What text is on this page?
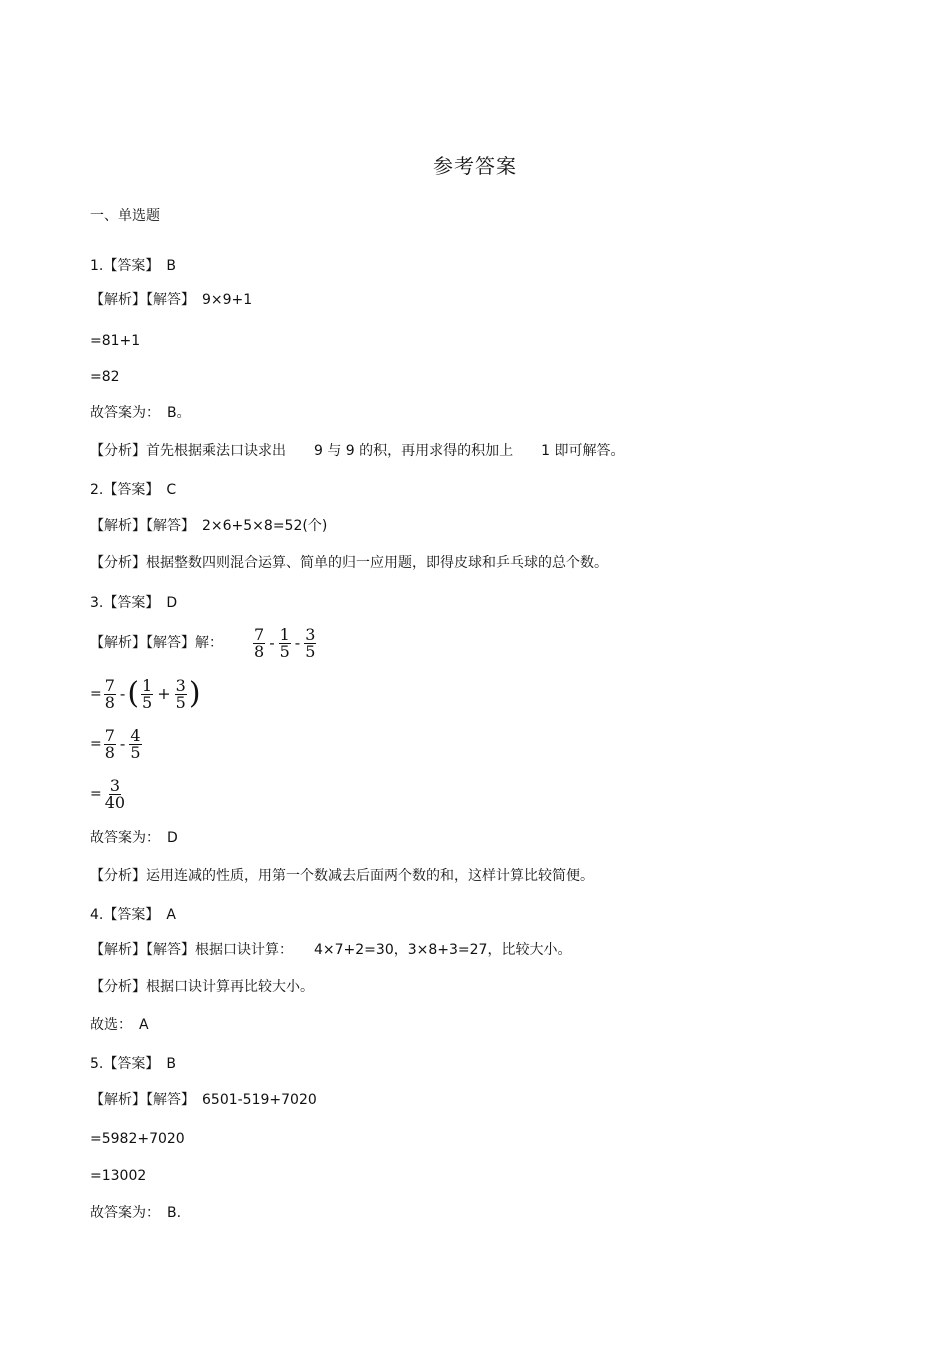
参考答案
一、单选题
1.【答案】　B
【解析】【解答】　9×9+1
=81+1
=82
故答案为：　B。
【分析】首先根据乘法口诀求出　　9 与 9 的积，再用求得的积加上　　1 即可解答。
2.【答案】　C
【解析】【解答】　2×6+5×8=52(个)
【分析】根据整数四则混合运算、简单的归一应用题，即得皮球和乒乓球的总个数。
3.【答案】　D
【解析】【解答】解： $\frac{7}{8} - \frac{1}{5} - \frac{3}{5}$
= $\frac{7}{8}$ - ( $\frac{1}{5} + \frac{3}{5}$ )
= $\frac{7}{8} - \frac{4}{5}$
= $\frac{3}{40}$
故答案为：　D
【分析】运用连减的性质，用第一个数减去后面两个数的和，这样计算比较简便。
4.【答案】　A
【解析】【解答】根据口诀计算：　　4×7+2=30，3×8+3=27，比较大小。
【分析】根据口诀计算再比较大小。
故选：　A
5.【答案】　B
【解析】【解答】　6501-519+7020
=5982+7020
=13002
故答案为：　B.
